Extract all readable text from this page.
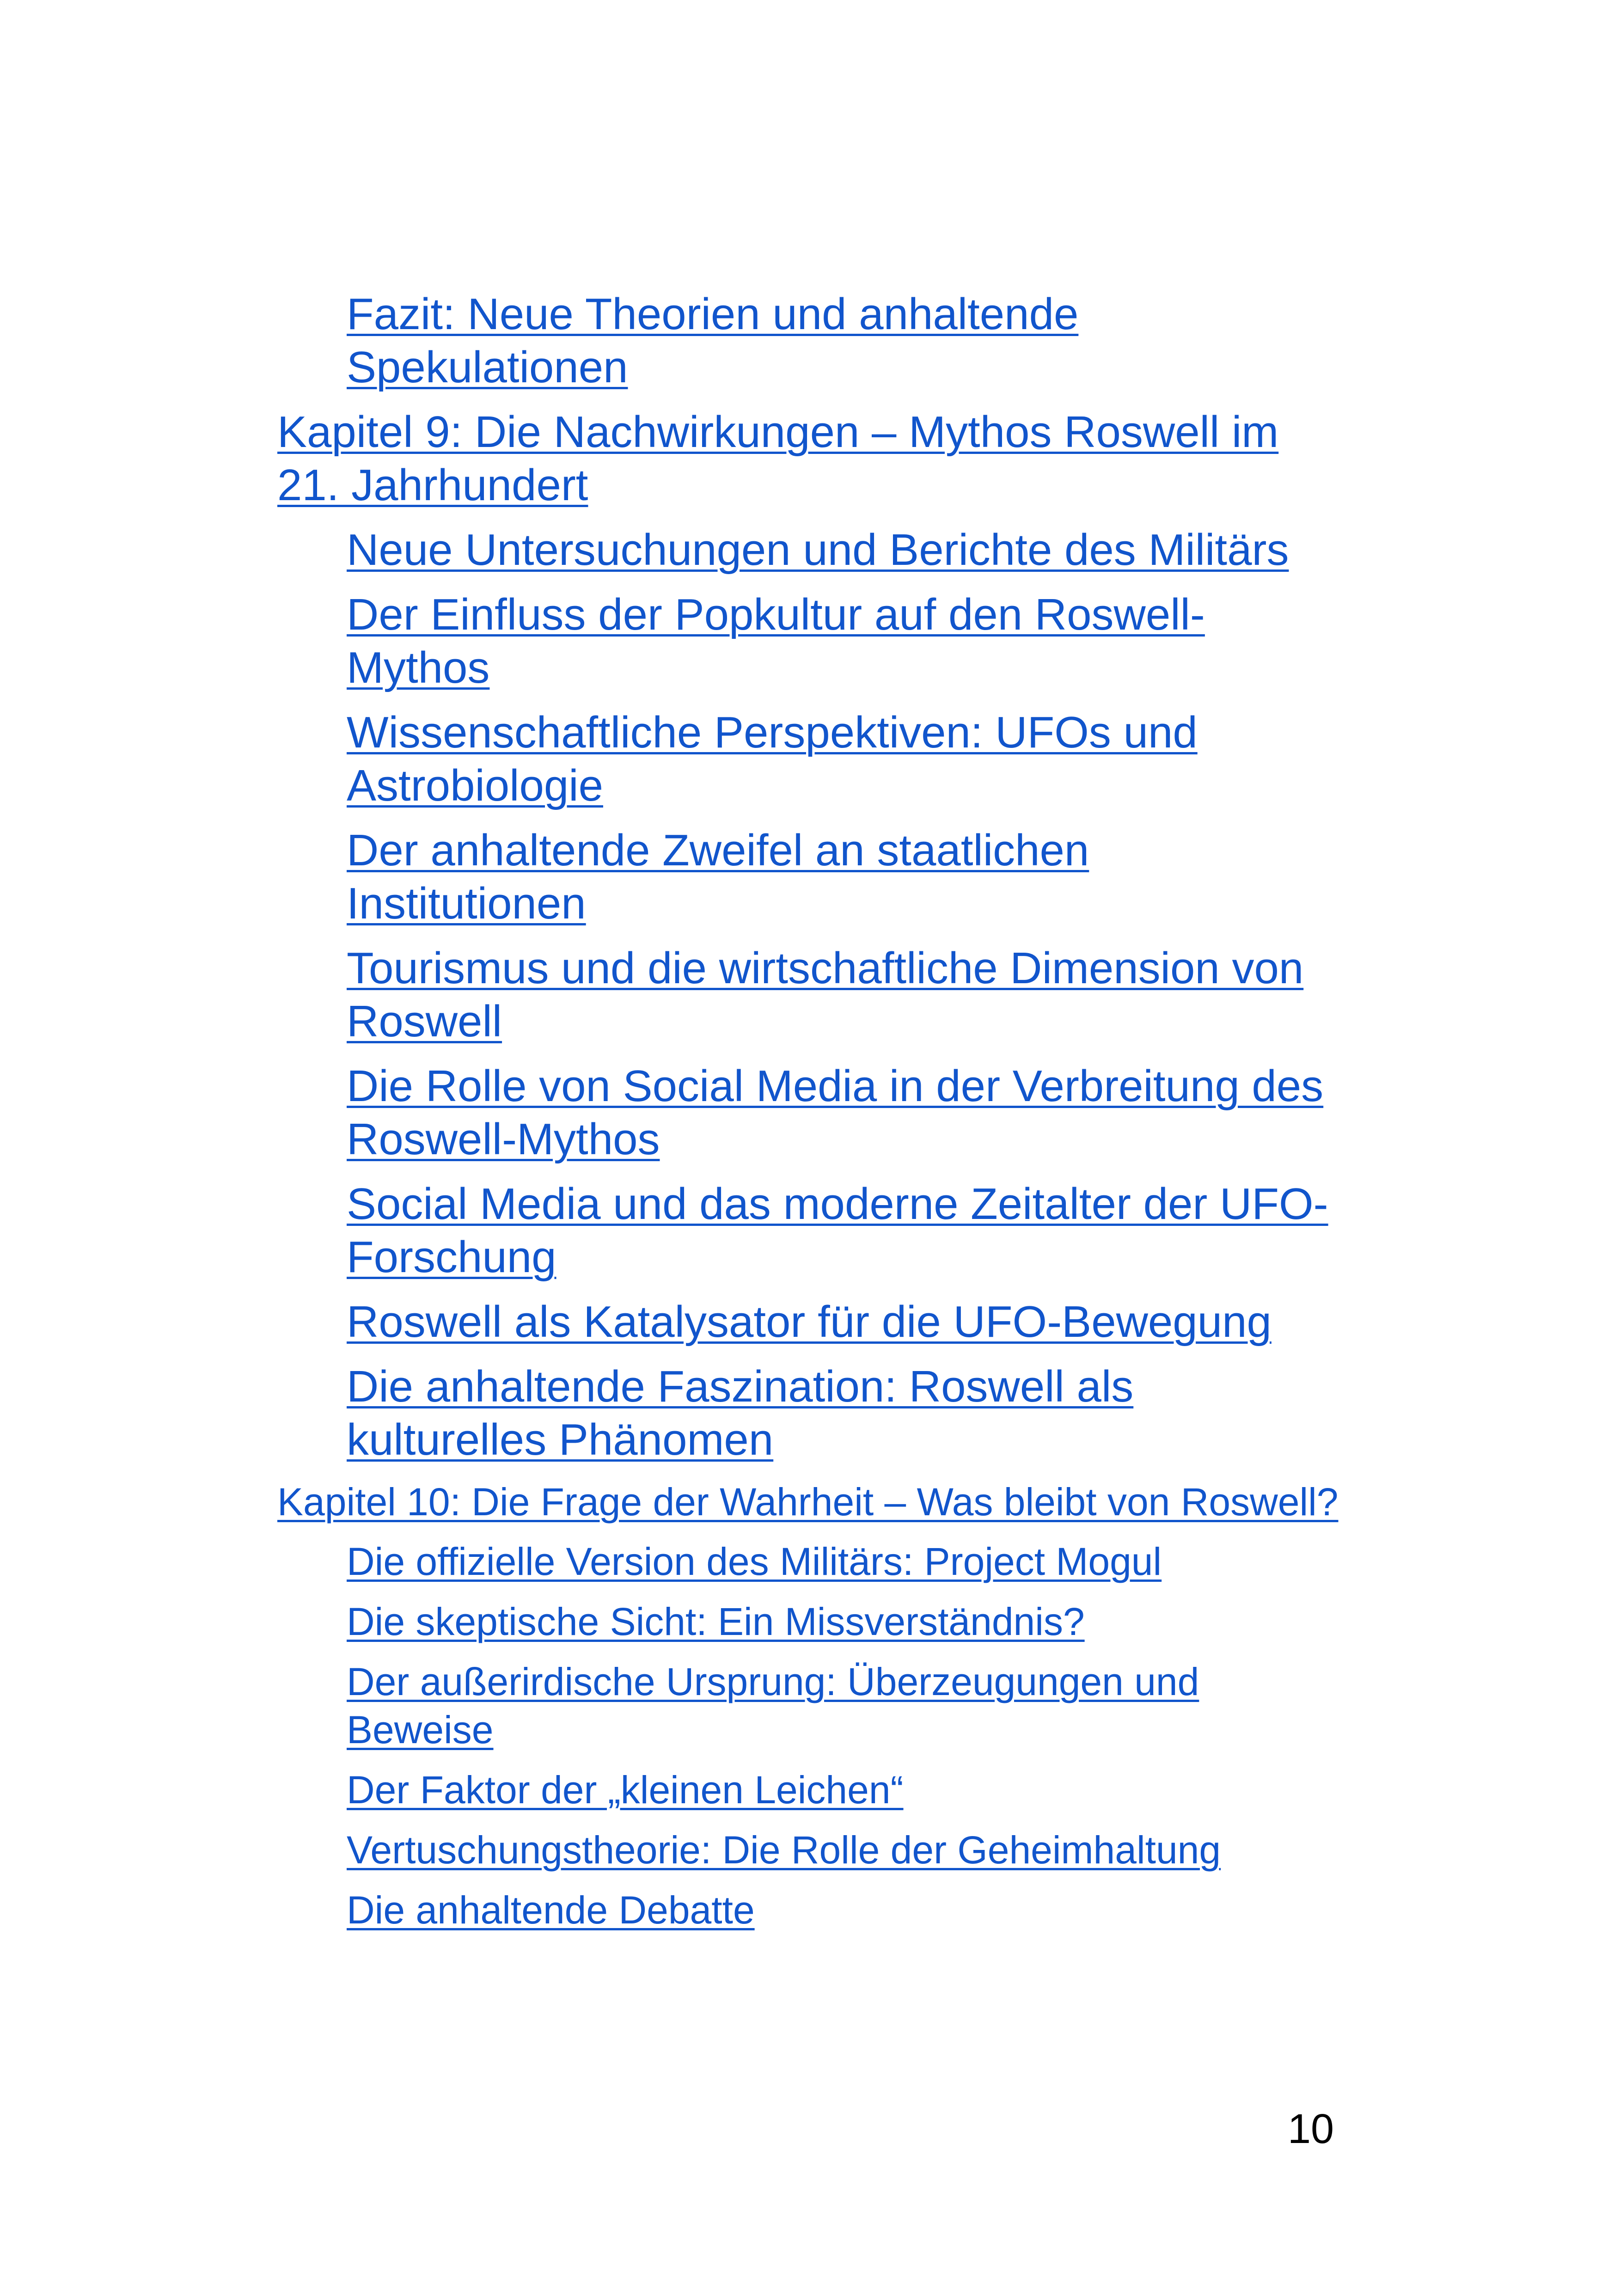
Fazit: Neue Theorien und anhaltende Spekulationen
Kapitel 9: Die Nachwirkungen – Mythos Roswell im 21. Jahrhundert
Neue Untersuchungen und Berichte des Militärs
Der Einfluss der Popkultur auf den Roswell-Mythos
Wissenschaftliche Perspektiven: UFOs und Astrobiologie
Der anhaltende Zweifel an staatlichen Institutionen
Tourismus und die wirtschaftliche Dimension von Roswell
Die Rolle von Social Media in der Verbreitung des Roswell-Mythos
Social Media und das moderne Zeitalter der UFO-Forschung
Roswell als Katalysator für die UFO-Bewegung
Die anhaltende Faszination: Roswell als kulturelles Phänomen
Kapitel 10: Die Frage der Wahrheit – Was bleibt von Roswell?
Die offizielle Version des Militärs: Project Mogul
Die skeptische Sicht: Ein Missverständnis?
Der außerirdische Ursprung: Überzeugungen und Beweise
Der Faktor der „kleinen Leichen“
Vertuschungstheorie: Die Rolle der Geheimhaltung
Die anhaltende Debatte
10
